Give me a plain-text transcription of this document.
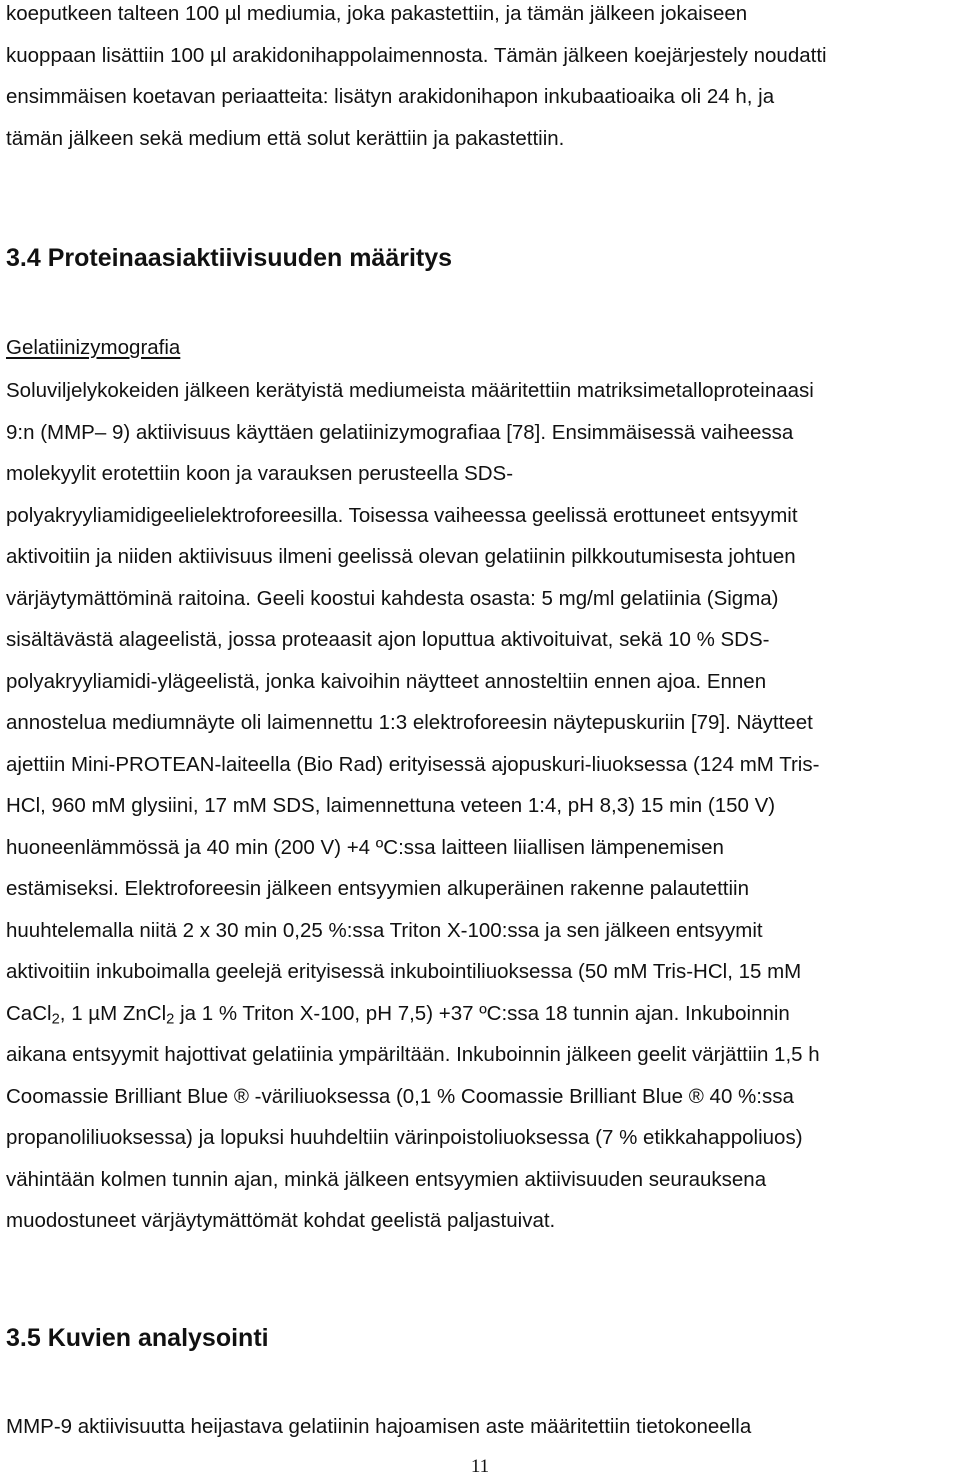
koeputkeen talteen 100 µl mediumia, joka pakastettiin, ja tämän jälkeen jokaiseen
kuoppaan lisättiin 100 µl arakidonihappolaimennosta. Tämän jälkeen koejärjestely noudatti
ensimmäisen koetavan periaatteita: lisätyn arakidonihapon inkubaatioaika oli 24 h, ja
tämän jälkeen sekä medium että solut kerättiin ja pakastettiin.
3.4 Proteinaasiaktiivisuuden määritys
Gelatiinizymografia
Soluviljelykokeiden jälkeen kerätyistä mediumeista määritettiin matriksimetalloproteinaasi
9:n (MMP– 9) aktiivisuus käyttäen gelatiinizymografiaa [78]. Ensimmäisessä vaiheessa
molekyylit erotettiin koon ja varauksen perusteella SDS-
polyakryyliamidigeelielektroforeesilla. Toisessa vaiheessa geelissä erottuneet entsyymit
aktivoitiin ja niiden aktiivisuus ilmeni geelissä olevan gelatiinin pilkkoutumisesta johtuen
värjäytymättöminä raitoina. Geeli koostui kahdesta osasta: 5 mg/ml gelatiinia (Sigma)
sisältävästä alageelistä, jossa proteaasit ajon loputtua aktivoituivat, sekä 10 % SDS-
polyakryyliamidi-ylägeelistä, jonka kaivoihin näytteet annosteltiin ennen ajoa. Ennen
annostelua mediumnäyte oli laimennettu 1:3 elektroforeesin näytepuskuriin [79]. Näytteet
ajettiin Mini-PROTEAN-laiteella (Bio Rad) erityisessä ajopuskuri-liuoksessa (124 mM Tris-
HCl, 960 mM glysiini, 17 mM SDS, laimennettuna veteen 1:4, pH 8,3) 15 min (150 V)
huoneenlämmössä ja 40 min (200 V) +4 ºC:ssa laitteen liiallisen lämpenemisen
estämiseksi. Elektroforeesin jälkeen entsyymien alkuperäinen rakenne palautettiin
huuhtelemalla niitä 2 x 30 min 0,25 %:ssa Triton X-100:ssa ja sen jälkeen entsyymit
aktivoitiin inkuboimalla geelejä erityisessä inkubointiliuoksessa (50 mM Tris-HCl, 15 mM
CaCl$_2$, 1 µM ZnCl$_2$ ja 1 % Triton X-100, pH 7,5) +37 ºC:ssa 18 tunnin ajan. Inkuboinnin
aikana entsyymit hajottivat gelatiinia ympäriltään. Inkuboinnin jälkeen geelit värjättiin 1,5 h
Coomassie Brilliant Blue ® -väriliuoksessa (0,1 % Coomassie Brilliant Blue ® 40 %:ssa
propanoliliuoksessa) ja lopuksi huuhdeltiin värinpoistoliuoksessa (7 % etikkahappoliuos)
vähintään kolmen tunnin ajan, minkä jälkeen entsyymien aktiivisuuden seurauksena
muodostuneet värjäytymättömät kohdat geelistä paljastuivat.
3.5 Kuvien analysointi
MMP-9 aktiivisuutta heijastava gelatiinin hajoamisen aste määritettiin tietokoneella
11
